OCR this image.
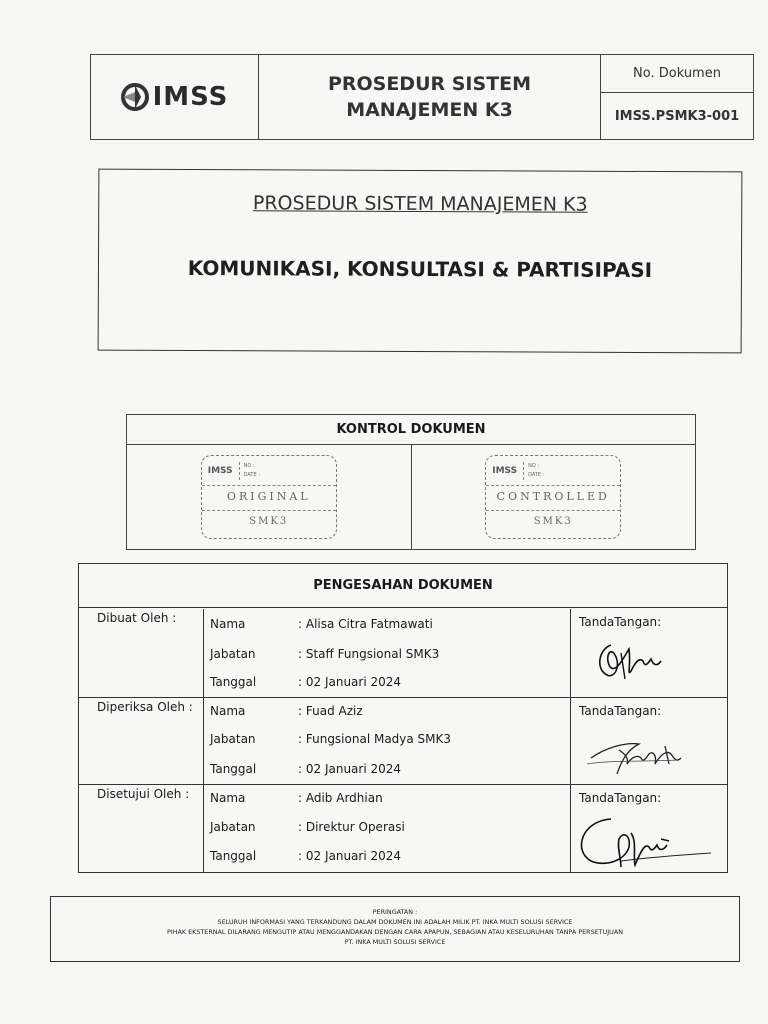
IMSS	PROSEDUR SISTEM
MANAJEMEN K3
No. Dokumen
IMSS.PSMK3-001
PROSEDUR SISTEM MANAJEMEN K3
KOMUNIKASI, KONSULTASI & PARTISIPASI
KONTROL DOKUMEN
IMSS NO :
DATE :
ORIGINAL
SMK3
IMSS NO :
DATE :
CONTROLLED
SMK3
PENGESAHAN DOKUMEN
Dibuat Oleh :	Nama	: Alisa Citra Fatmawati
Jabatan	: Staff Fungsional SMK3
Tanggal	: 02 Januari 2024
TandaTangan:
Diperiksa Oleh :	Nama	: Fuad Aziz
Jabatan	: Fungsional Madya SMK3
Tanggal	: 02 Januari 2024
TandaTangan:
Disetujui Oleh :	Nama	: Adib Ardhian
Jabatan	: Direktur Operasi
Tanggal	: 02 Januari 2024
TandaTangan:
PERINGATAN :
SELURUH INFORMASI YANG TERKANDUNG DALAM DOKUMEN INI ADALAH MILIK PT. INKA MULTI SOLUSI SERVICE
PIHAK EKSTERNAL DILARANG MENGUTIP ATAU MENGGANDAKAN DENGAN CARA APAPUN, SEBAGIAN ATAU KESELURUHAN TANPA PERSETUJUAN
PT. INKA MULTI SOLUSI SERVICE
